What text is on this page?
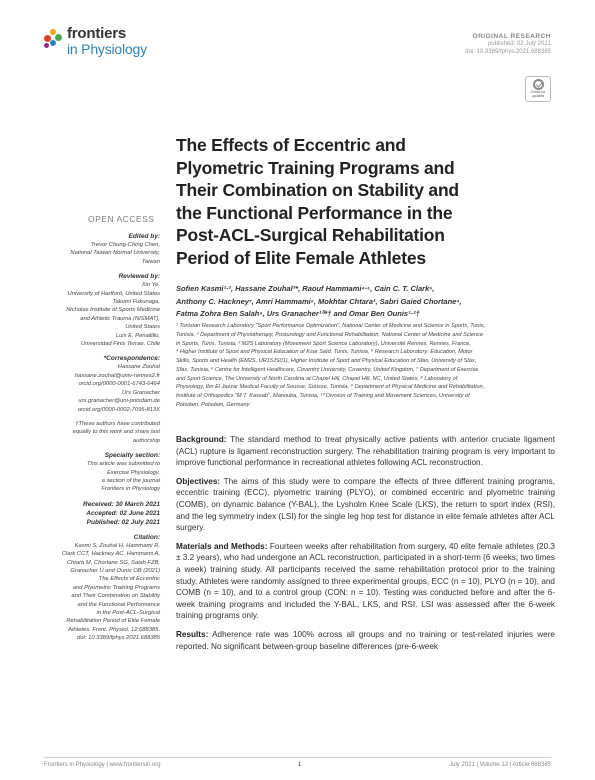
frontiers
in Physiology
ORIGINAL RESEARCH
published: 02 July 2021
doi: 10.3389/fphys.2021.688385
Check for updates
The Effects of Eccentric and
Plyometric Training Programs and
Their Combination on Stability and
the Functional Performance in the
Post-ACL-Surgical Rehabilitation
Period of Elite Female Athletes
Sofien Kasmi¹·², Hassane Zouhal³*, Raouf Hammami⁴·⁵, Cain C. T. Clark⁶,
Anthony C. Hackney⁷, Amri Hammami⁸, Mokhtar Chtara¹, Sabri Gaied Chortane⁴,
Fatma Zohra Ben Salah⁹, Urs Granacher¹⁰*† and Omar Ben Ounis¹·²†
¹ Tunisian Research Laboratory "Sport Performance Optimization", National Center of Medicine and Science in Sports, Tunis,
Tunisia, ² Department of Physiotherapy, Posturology and Functional Rehabilitation, National Center of Medicine and Science
in Sports, Tunis, Tunisia, ³ M2S Laboratory (Movement Sport Science Laboratory), Université Rennes, Rennes, France,
⁴ Higher Institute of Sport and Physical Education of Ksar Saïd, Tunis, Tunisia, ⁵ Research Laboratory: Education, Motor
Skills, Sports and Health (EM2S, UR15JS01), Higher Institute of Sport and Physical Education of Sfax, University of Sfax,
Sfax, Tunisia, ⁶ Centre for Intelligent Healthcare, Coventry University, Coventry, United Kingdom, ⁷ Department of Exercise
and Sport Science, The University of North Carolina at Chapel Hill, Chapel Hill, NC, United States, ⁸ Laboratory of
Physiology, Ibn El Jazzar Medical Faculty of Sousse, Sousse, Tunisia, ⁹ Department of Physical Medicine and Rehabilitation,
Institute of Orthopedics "M.T. Kassab", Manouba, Tunisia, ¹⁰ Division of Training and Movement Sciences, University of
Potsdam, Potsdam, Germany

Background: The standard method to treat physically active patients with anterior cruciate ligament (ACL) rupture is ligament reconstruction surgery. The rehabilitation training program is very important to improve functional performance in recreational athletes following ACL reconstruction.

Objectives: The aims of this study were to compare the effects of three different training programs, eccentric training (ECC), plyometric training (PLYO), or combined eccentric and plyometric training (COMB), on dynamic balance (Y-BAL), the Lysholm Knee Scale (LKS), the return to sport index (RSI), and the leg symmetry index (LSI) for the single leg hop test for distance in elite female athletes after ACL surgery.

Materials and Methods: Fourteen weeks after rehabilitation from surgery, 40 elite female athletes (20.3 ± 3.2 years), who had undergone an ACL reconstruction, participated in a short-term (6 weeks; two times a week) training study. All participants received the same rehabilitation protocol prior to the training study. Athletes were randomly assigned to three experimental groups, ECC (n = 10), PLYO (n = 10), and COMB (n = 10), and to a control group (CON: n = 10). Testing was conducted before and after the 6-week training programs and included the Y-BAL, LKS, and RSI. LSI was assessed after the 6-week training programs only.

Results: Adherence rate was 100% across all groups and no training or test-related injuries were reported. No significant between-group baseline differences (pre-6-week

OPEN ACCESS
Edited by:
Trevor Chung-Ching Chen,
National Taiwan Normal University,
Taiwan
Reviewed by:
Xin Ye,
University of Hartford, United States
Takumi Fukunaga,
Nicholas Institute of Sports Medicine
and Athletic Trauma (NISMAT),
United States
Luis E. Penailillo,
Universidad Finis Terrae, Chile
*Correspondence:
Hassane Zouhal
hassane.zouhal@univ-rennes2.fr
orcid.org/0000-0001-6743-6464
Urs Granacher
urs.granacher@uni-potsdam.de
orcid.org/0000-0002-7095-813X
†These authors have contributed
equally to this work and share last
authorship
Specialty section:
This article was submitted to
Exercise Physiology,
a section of the journal
Frontiers in Physiology
Received: 30 March 2021
Accepted: 02 June 2021
Published: 02 July 2021
Citation:
Kasmi S, Zouhal H, Hammami R,
Clark CCT, Hackney AC, Hammami A,
Chtara M, Chortane SG, Salah FZB,
Granacher U and Ounis OB (2021)
The Effects of Eccentric
and Plyometric Training Programs
and Their Combination on Stability
and the Functional Performance
in the Post-ACL-Surgical
Rehabilitation Period of Elite Female
Athletes. Front. Physiol. 12:688385.
doi: 10.3389/fphys.2021.688385
Frontiers in Physiology | www.frontiersin.org	1	July 2021 | Volume 12 | Article 688385
